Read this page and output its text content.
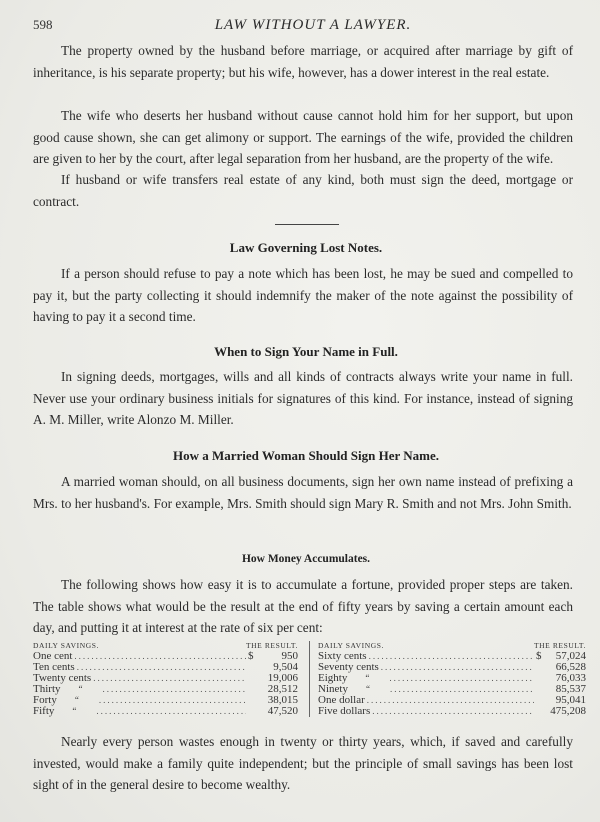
598	LAW WITHOUT A LAWYER.

The property owned by the husband before marriage, or acquired after marriage by gift of inheritance, is his separate property; but his wife, however, has a dower interest in the real estate.

The wife who deserts her husband without cause cannot hold him for her support, but upon good cause shown, she can get alimony or support. The earnings of the wife, provided the children are given to her by the court, after legal separation from her husband, are the property of the wife.

If husband or wife transfers real estate of any kind, both must sign the deed, mortgage or contract.

Law Governing Lost Notes.

If a person should refuse to pay a note which has been lost, he may be sued and compelled to pay it, but the party collecting it should indemnify the maker of the note against the possibility of having to pay it a second time.

When to Sign Your Name in Full.

In signing deeds, mortgages, wills and all kinds of contracts always write your name in full. Never use your ordinary business initials for signatures of this kind. For instance, instead of signing A. M. Miller, write Alonzo M. Miller.

How a Married Woman Should Sign Her Name.

A married woman should, on all business documents, sign her own name instead of prefixing a Mrs. to her husband's. For example, Mrs. Smith should sign Mary R. Smith and not Mrs. John Smith.

How Money Accumulates.

The following shows how easy it is to accumulate a fortune, provided proper steps are taken. The table shows what would be the result at the end of fifty years by saving a certain amount each day, and putting it at interest at the rate of six per cent:

DAILY SAVINGS.	THE RESULT.
One cent .....	$	950
Ten cents .....	9,504
Twenty cents .....	19,006
Thirty	“ .....	28,512
Forty	“ .....	38,015
Fifty	“ .....	47,520
DAILY SAVINGS.	THE RESULT.
Sixty cents .....	$	57,024
Seventy cents .....	66,528
Eighty	“ .....	76,033
Ninety	“ .....	85,537
One dollar .....	95,041
Five dollars .....	475,208

Nearly every person wastes enough in twenty or thirty years, which, if saved and carefully invested, would make a family quite independent; but the principle of small savings has been lost sight of in the general desire to become wealthy.
